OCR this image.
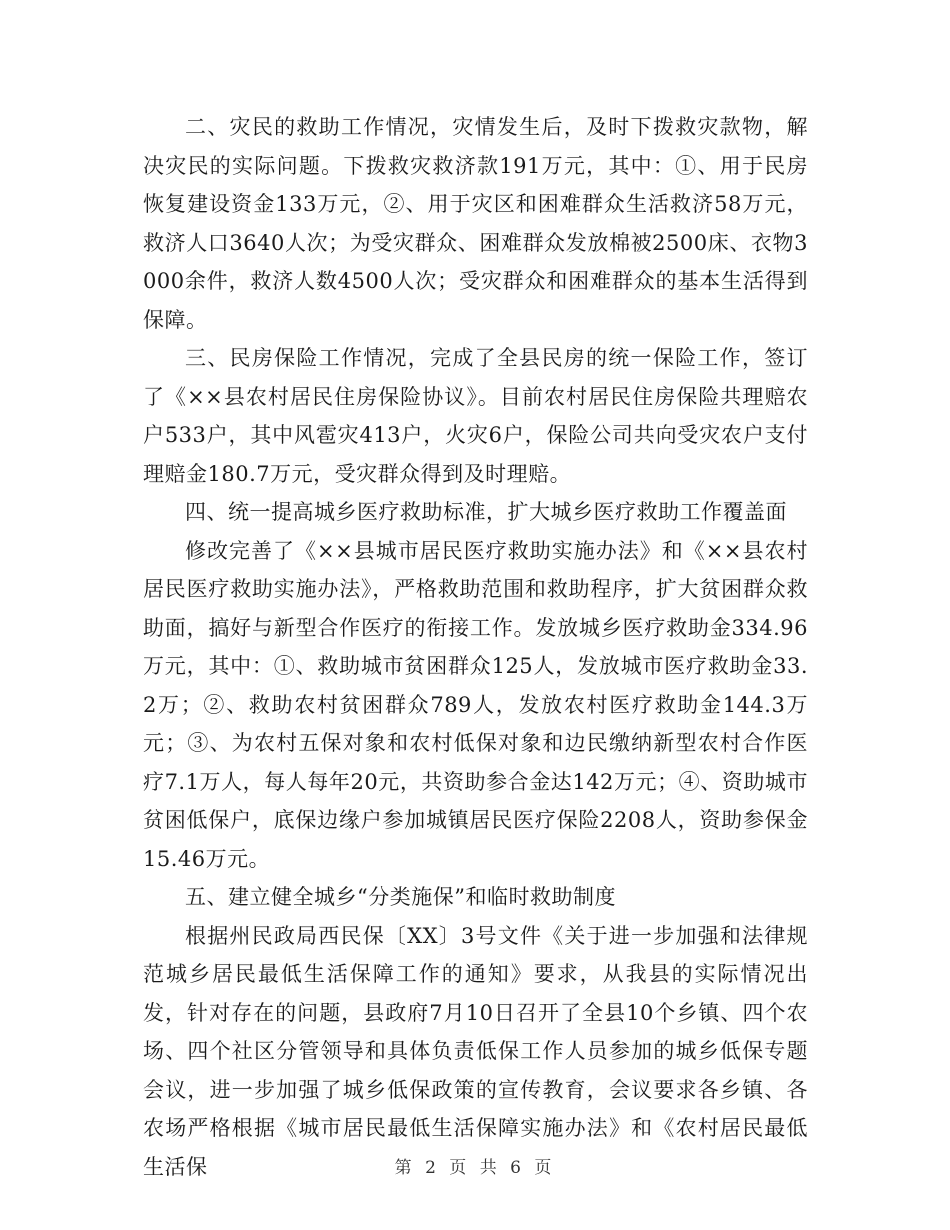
二、灾民的救助工作情况，灾情发生后，及时下拨救灾款物，解决灾民的实际问题。下拨救灾救济款191万元，其中：①、用于民房恢复建设资金133万元，②、用于灾区和困难群众生活救济58万元，救济人口3640人次；为受灾群众、困难群众发放棉被2500床、衣物3000余件，救济人数4500人次；受灾群众和困难群众的基本生活得到保障。

三、民房保险工作情况，完成了全县民房的统一保险工作，签订了《××县农村居民住房保险协议》。目前农村居民住房保险共理赔农户533户，其中风雹灾413户，火灾6户，保险公司共向受灾农户支付理赔金180.7万元，受灾群众得到及时理赔。

四、统一提高城乡医疗救助标准，扩大城乡医疗救助工作覆盖面

修改完善了《××县城市居民医疗救助实施办法》和《××县农村居民医疗救助实施办法》，严格救助范围和救助程序，扩大贫困群众救助面，搞好与新型合作医疗的衔接工作。发放城乡医疗救助金334.96万元，其中：①、救助城市贫困群众125人，发放城市医疗救助金33.2万；②、救助农村贫困群众789人，发放农村医疗救助金144.3万元；③、为农村五保对象和农村低保对象和边民缴纳新型农村合作医疗7.1万人，每人每年20元，共资助参合金达142万元；④、资助城市贫困低保户，底保边缘户参加城镇居民医疗保险2208人，资助参保金15.46万元。

五、建立健全城乡“分类施保”和临时救助制度

根据州民政局西民保〔XX〕3号文件《关于进一步加强和法律规范城乡居民最低生活保障工作的通知》要求，从我县的实际情况出发，针对存在的问题，县政府7月10日召开了全县10个乡镇、四个农场、四个社区分管领导和具体负责低保工作人员参加的城乡低保专题会议，进一步加强了城乡低保政策的宣传教育，会议要求各乡镇、各农场严格根据《城市居民最低生活保障实施办法》和《农村居民最低生活保	第 2 页 共 6 页
